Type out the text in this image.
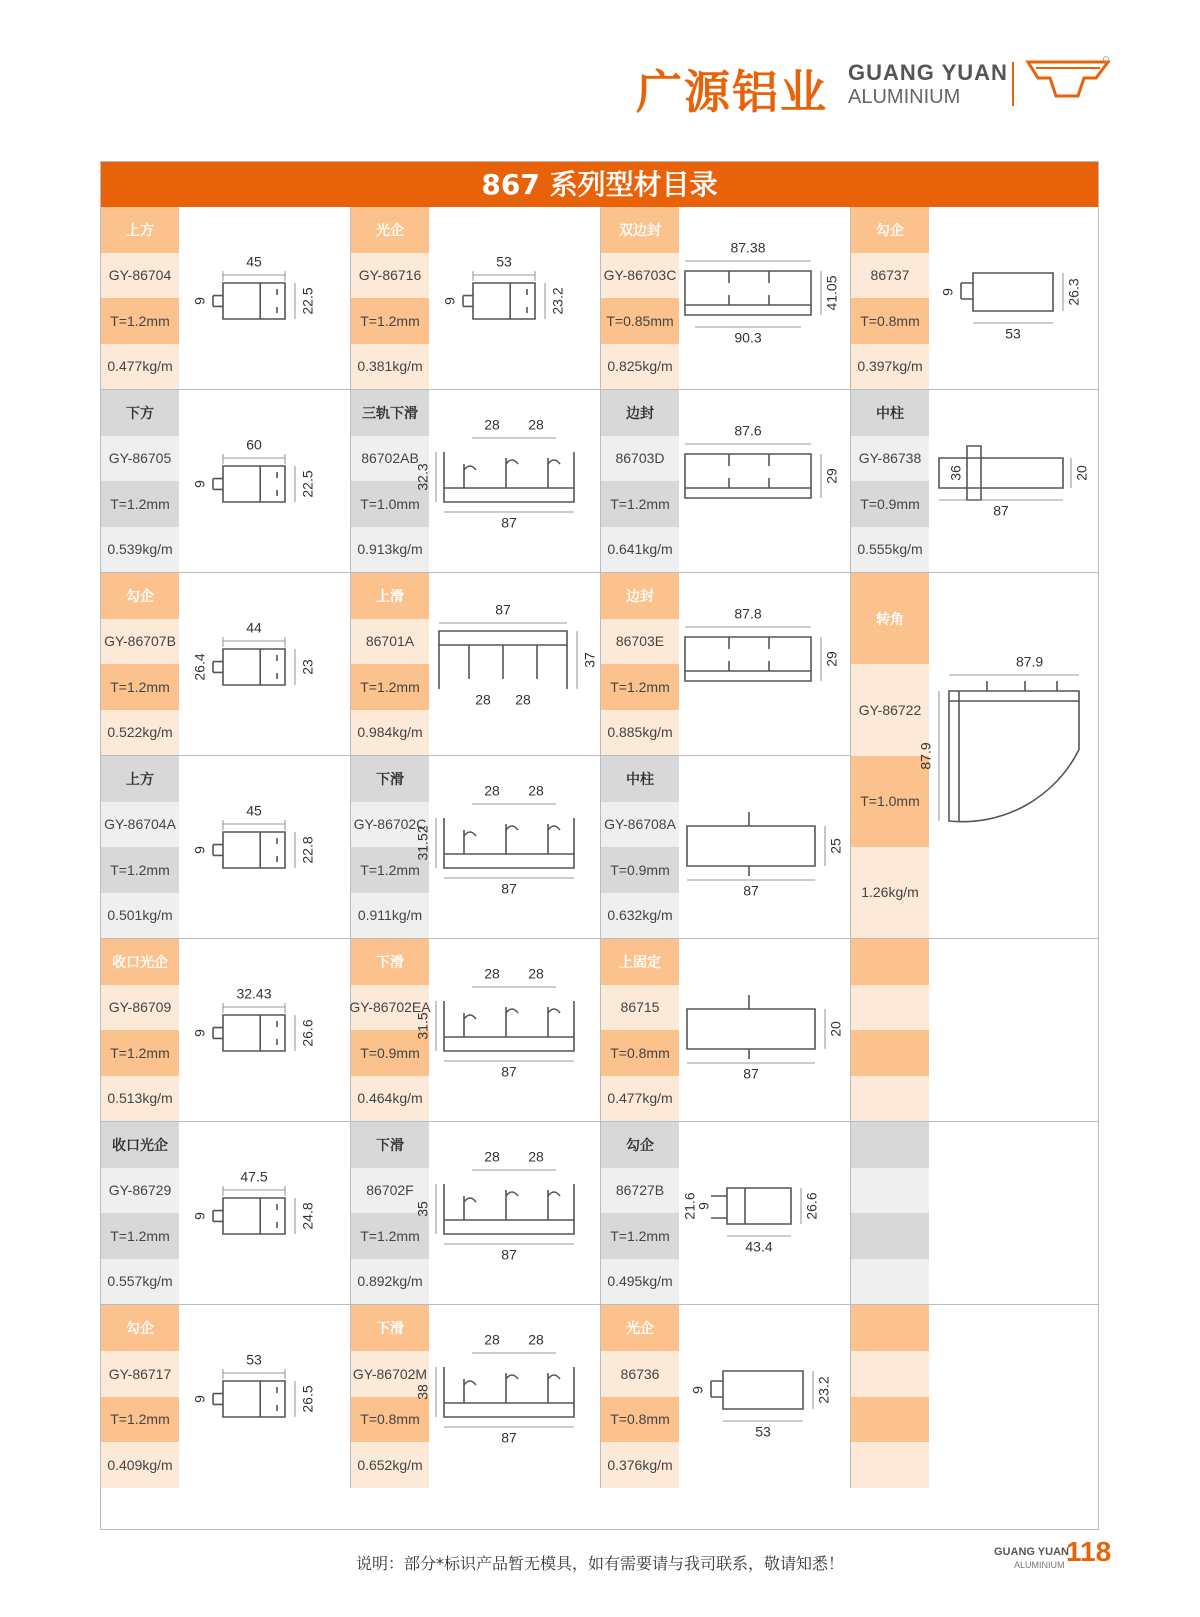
广源铝业 GUANG YUAN
ALUMINIUM
867 系列型材目录
上方
GY-86704
T=1.2mm
0.477kg/m
45
9	22.5
下方
GY-86705
T=1.2mm
0.539kg/m
60
9	22.5
勾企
GY-86707B
T=1.2mm
0.522kg/m
44
26.4	23
上方
GY-86704A
T=1.2mm
0.501kg/m
45
9	22.8
收口光企
GY-86709
T=1.2mm
0.513kg/m
32.43
9	26.6
收口光企
GY-86729
T=1.2mm
0.557kg/m
47.5
9	24.8
勾企
GY-86717
T=1.2mm
0.409kg/m
53
9	26.5
光企
GY-86716
T=1.2mm
0.381kg/m
53
9	23.2
三轨下滑
86702AB
T=1.0mm
0.913kg/m
28 28
32.3
87
上滑
86701A
T=1.2mm
0.984kg/m
87
37
28 28
下滑
GY-86702C
T=1.2mm
0.911kg/m
28 28
31.52
87
下滑
GY-86702EA
T=0.9mm
0.464kg/m
28 28
31.5
87
下滑
86702F
T=1.2mm
0.892kg/m
28 28
35
87
下滑
GY-86702M
T=0.8mm
0.652kg/m
28 28
38
87
双边封
GY-86703C
T=0.85mm
0.825kg/m
87.38
41.05
90.3
边封
86703D
T=1.2mm
0.641kg/m
87.6
29
边封
86703E
T=1.2mm
0.885kg/m
87.8
29
中柱
GY-86708A
T=0.9mm
0.632kg/m
25
87
上固定
86715
T=0.8mm
0.477kg/m
20
87
勾企
86727B
T=1.2mm
0.495kg/m
21.6
9	26.6
43.4
光企
86736
T=0.8mm
0.376kg/m
9	23.2
53
勾企
86737
T=0.8mm
0.397kg/m
9	26.3
53
中柱
GY-86738
T=0.9mm
0.555kg/m
36	20
87
转角
GY-86722
T=1.0mm
1.26kg/m
87.9
87.9
说明：部分*标识产品暂无模具，如有需要请与我司联系，敬请知悉！
GUANG YUAN
ALUMINIUM 118
